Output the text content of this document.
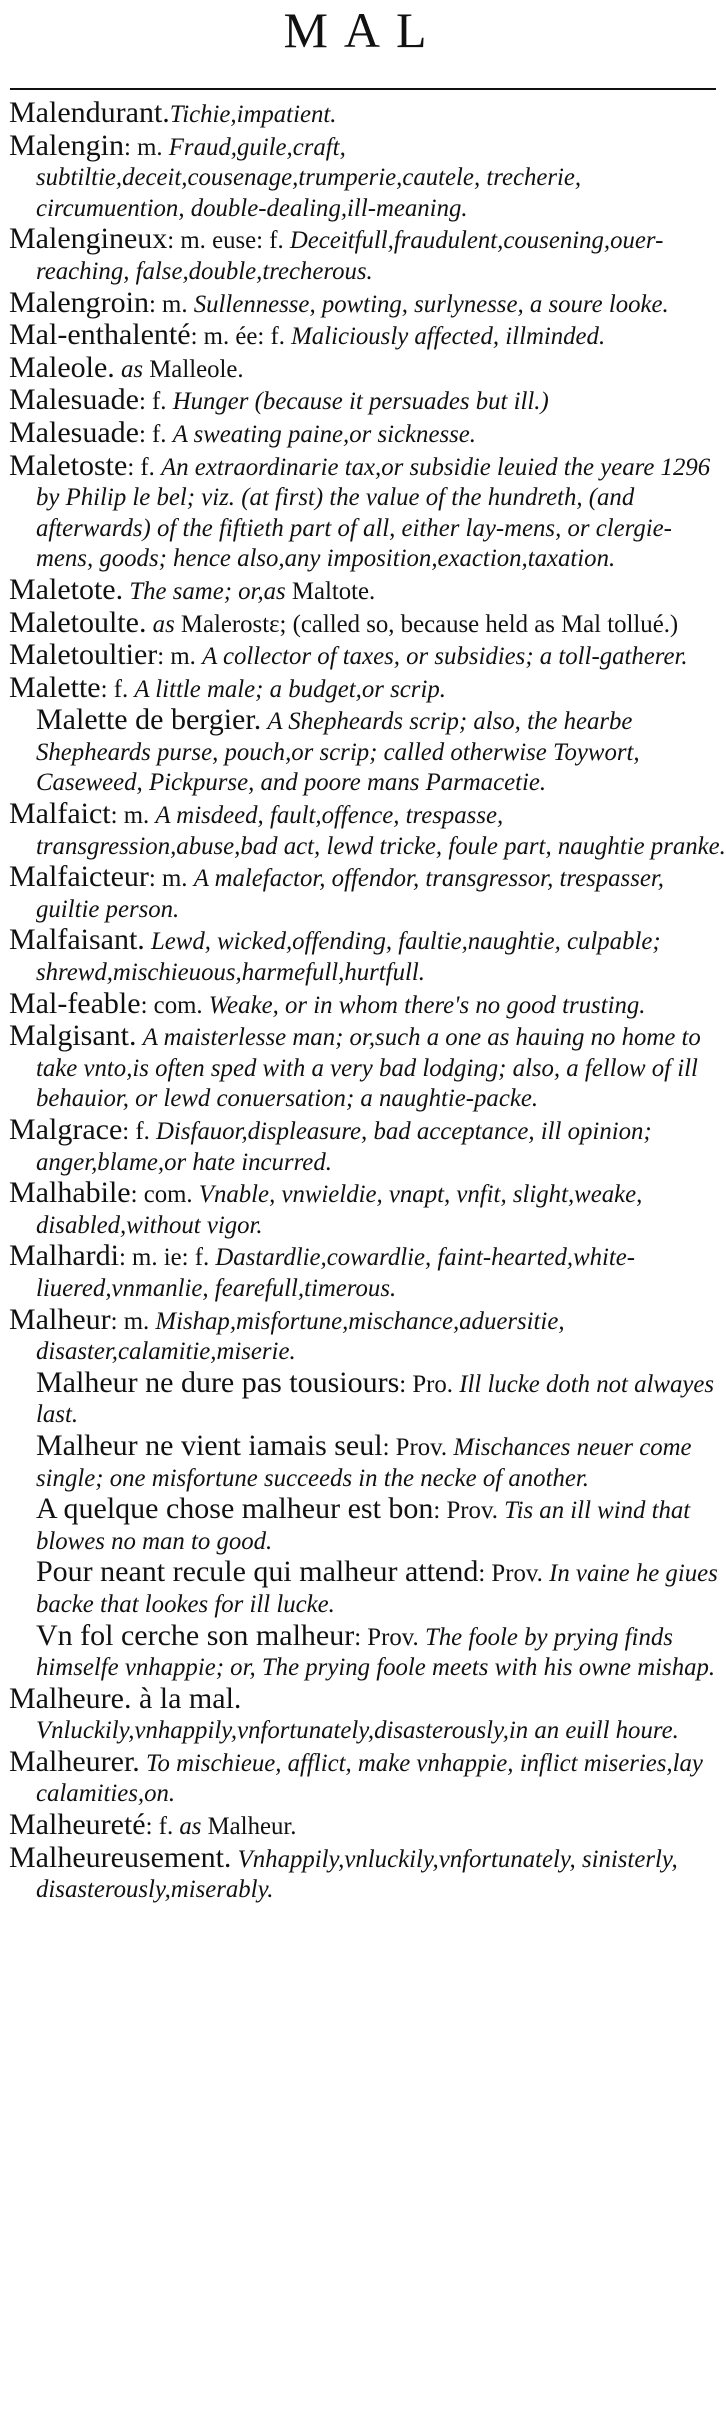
MAL

Malendurant.Tichie,impatient.

Malengin: m. Fraud,guile,craft, subtiltie,deceit,cousenage,trumperie,cautele, trecherie, circumuention, double-dealing,ill-meaning.

Malengineux: m. euse: f. Deceitfull,fraudulent,cousening,ouer-reaching, false,double,trecherous.

Malengroin: m. Sullennesse, powting, surlynesse, a soure looke.

Mal-enthalenté: m. ée: f. Maliciously affected, illminded.

Maleole. as Malleole.

Malesuade: f. Hunger (because it persuades but ill.)

Malesuade: f. A sweating paine,or sicknesse.

Maletoste: f. An extraordinarie tax,or subsidie leuied the yeare 1296 by Philip le bel; viz. (at first) the value of the hundreth, (and afterwards) of the fiftieth part of all, either lay-mens, or clergie-mens, goods; hence also,any imposition,exaction,taxation.

Maletote. The same; or,as Maltote.

Maletoulte. as Malerostε; (called so, because held as Mal tollué.)

Maletoultier: m. A collector of taxes, or subsidies; a toll-gatherer.

Malette: f. A little male; a budget,or scrip.

Malette de bergier. A Shepheards scrip; also, the hearbe Shepheards purse, pouch,or scrip; called otherwise Toywort, Caseweed, Pickpurse, and poore mans Parmacetie.

Malfaict: m. A misdeed, fault,offence, trespasse, transgression,abuse,bad act, lewd tricke, foule part, naughtie pranke.

Malfaicteur: m. A malefactor, offendor, transgressor, trespasser, guiltie person.

Malfaisant. Lewd, wicked,offending, faultie,naughtie, culpable; shrewd,mischieuous,harmefull,hurtfull.

Mal-feable: com. Weake, or in whom there's no good trusting.

Malgisant. A maisterlesse man; or,such a one as hauing no home to take vnto,is often sped with a very bad lodging; also, a fellow of ill behauior, or lewd conuersation; a naughtie-packe.

Malgrace: f. Disfauor,displeasure, bad acceptance, ill opinion; anger,blame,or hate incurred.

Malhabile: com. Vnable, vnwieldie, vnapt, vnfit, slight,weake, disabled,without vigor.

Malhardi: m. ie: f. Dastardlie,cowardlie, faint-hearted,white-liuered,vnmanlie, fearefull,timerous.

Malheur: m. Mishap,misfortune,mischance,aduersitie, disaster,calamitie,miserie.

Malheur ne dure pas tousiours: Pro. Ill lucke doth not alwayes last.

Malheur ne vient iamais seul: Prov. Mischances neuer come single; one misfortune succeeds in the necke of another.

A quelque chose malheur est bon: Prov. Tis an ill wind that blowes no man to good.

Pour neant recule qui malheur attend: Prov. In vaine he giues backe that lookes for ill lucke.

Vn fol cerche son malheur: Prov. The foole by prying finds himselfe vnhappie; or, The prying foole meets with his owne mishap.

Malheure. à la mal. Vnluckily,vnhappily,vnfortunately,disasterously,in an euill houre.

Malheurer. To mischieue, afflict, make vnhappie, inflict miseries,lay calamities,on.

Malheureté: f. as Malheur.

Malheureusement. Vnhappily,vnluckily,vnfortunately, sinisterly, disasterously,miserably.
